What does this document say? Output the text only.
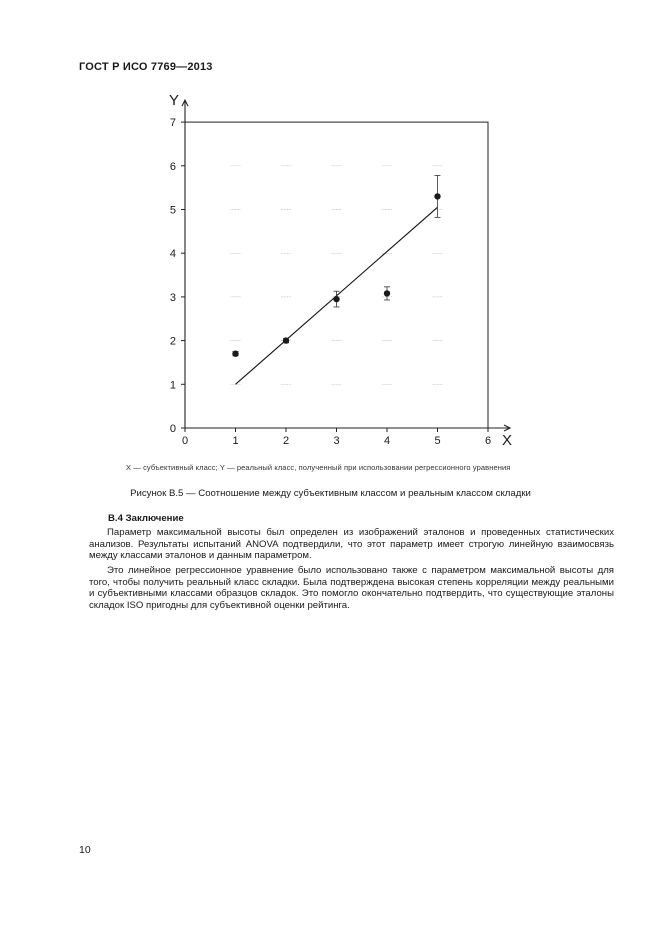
ГОСТ Р ИСО 7769—2013
0
1
2
3
4
5
6
7
0	1	2	3	4	5	6 X
Y
X — субъективный класс; Y — реальный класс, полученный при использовании регрессионного уравнения
Рисунок В.5 — Соотношение между субъективным классом и реальным классом складки
В.4 Заключение
Параметр максимальной высоты был определен из изображений эталонов и проведенных статистических анализов. Результаты испытаний ANOVA подтвердили, что этот параметр имеет строгую линейную взаимосвязь между классами эталонов и данным параметром.
Это линейное регрессионное уравнение было использовано также с параметром максимальной высоты для того, чтобы получить реальный класс складки. Была подтверждена высокая степень корреляции между реальными и субъективными классами образцов складок. Это помогло окончательно подтвердить, что существующие эталоны складок ISO пригодны для субъективной оценки рейтинга.
10
